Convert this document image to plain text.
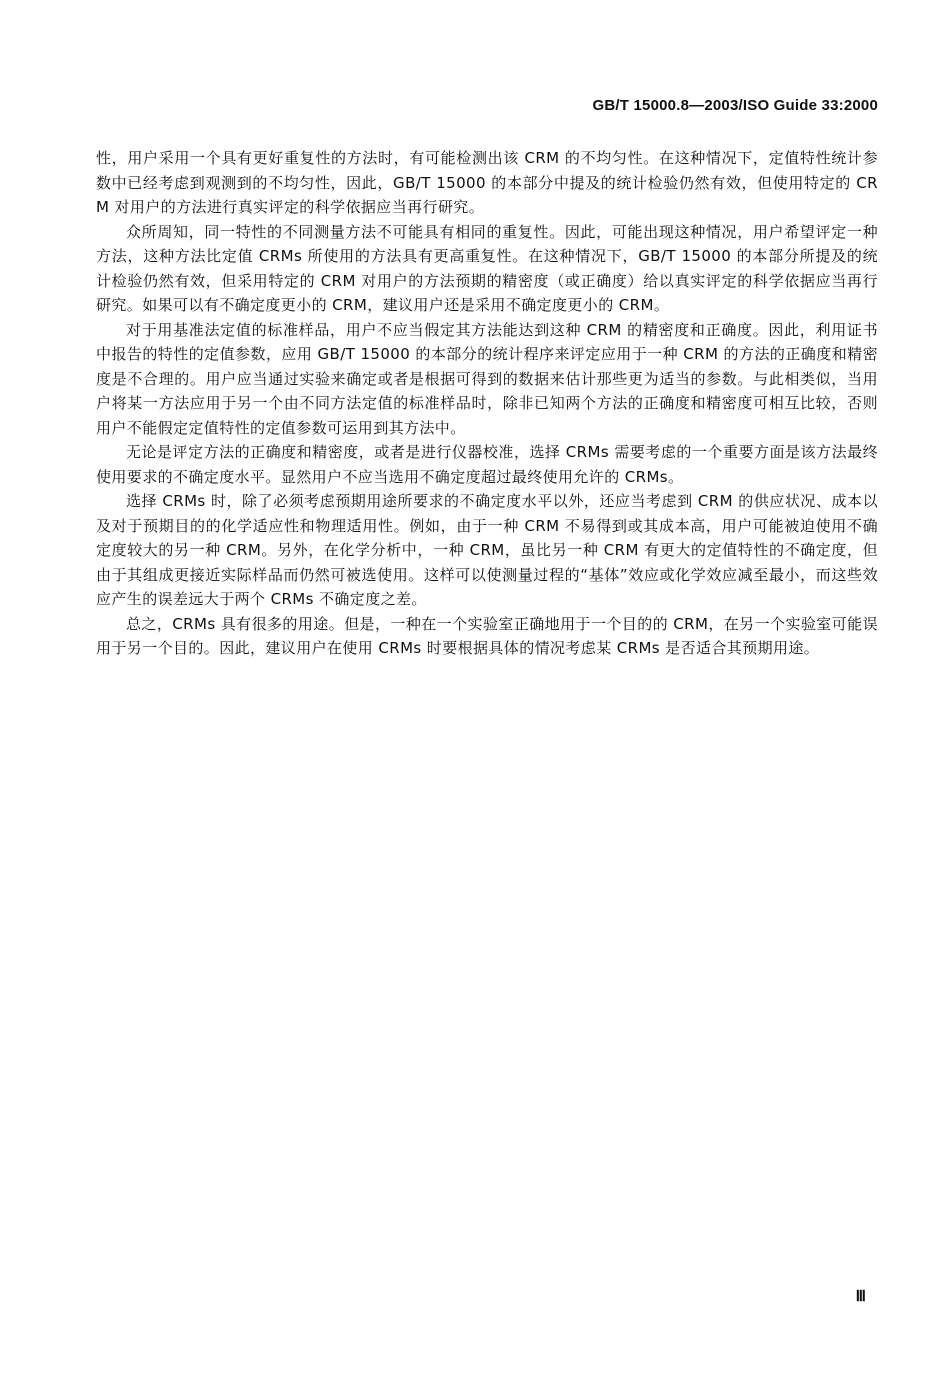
GB/T 15000.8—2003/ISO Guide 33:2000

性，用户采用一个具有更好重复性的方法时，有可能检测出该 CRM 的不均匀性。在这种情况下，定值特性统计参数中已经考虑到观测到的不均匀性，因此，GB/T 15000 的本部分中提及的统计检验仍然有效，但使用特定的 CRM 对用户的方法进行真实评定的科学依据应当再行研究。

众所周知，同一特性的不同测量方法不可能具有相同的重复性。因此，可能出现这种情况，用户希望评定一种方法，这种方法比定值 CRMs 所使用的方法具有更高重复性。在这种情况下，GB/T 15000 的本部分所提及的统计检验仍然有效，但采用特定的 CRM 对用户的方法预期的精密度（或正确度）给以真实评定的科学依据应当再行研究。如果可以有不确定度更小的 CRM，建议用户还是采用不确定度更小的 CRM。

对于用基准法定值的标准样品，用户不应当假定其方法能达到这种 CRM 的精密度和正确度。因此，利用证书中报告的特性的定值参数，应用 GB/T 15000 的本部分的统计程序来评定应用于一种 CRM 的方法的正确度和精密度是不合理的。用户应当通过实验来确定或者是根据可得到的数据来估计那些更为适当的参数。与此相类似，当用户将某一方法应用于另一个由不同方法定值的标准样品时，除非已知两个方法的正确度和精密度可相互比较，否则用户不能假定定值特性的定值参数可运用到其方法中。

无论是评定方法的正确度和精密度，或者是进行仪器校准，选择 CRMs 需要考虑的一个重要方面是该方法最终使用要求的不确定度水平。显然用户不应当选用不确定度超过最终使用允许的 CRMs。

选择 CRMs 时，除了必须考虑预期用途所要求的不确定度水平以外，还应当考虑到 CRM 的供应状况、成本以及对于预期目的的化学适应性和物理适用性。例如，由于一种 CRM 不易得到或其成本高，用户可能被迫使用不确定度较大的另一种 CRM。另外，在化学分析中，一种 CRM，虽比另一种 CRM 有更大的定值特性的不确定度，但由于其组成更接近实际样品而仍然可被选使用。这样可以使测量过程的“基体”效应或化学效应减至最小，而这些效应产生的误差远大于两个 CRMs 不确定度之差。

总之，CRMs 具有很多的用途。但是，一种在一个实验室正确地用于一个目的的 CRM，在另一个实验室可能误用于另一个目的。因此，建议用户在使用 CRMs 时要根据具体的情况考虑某 CRMs 是否适合其预期用途。

Ⅲ
